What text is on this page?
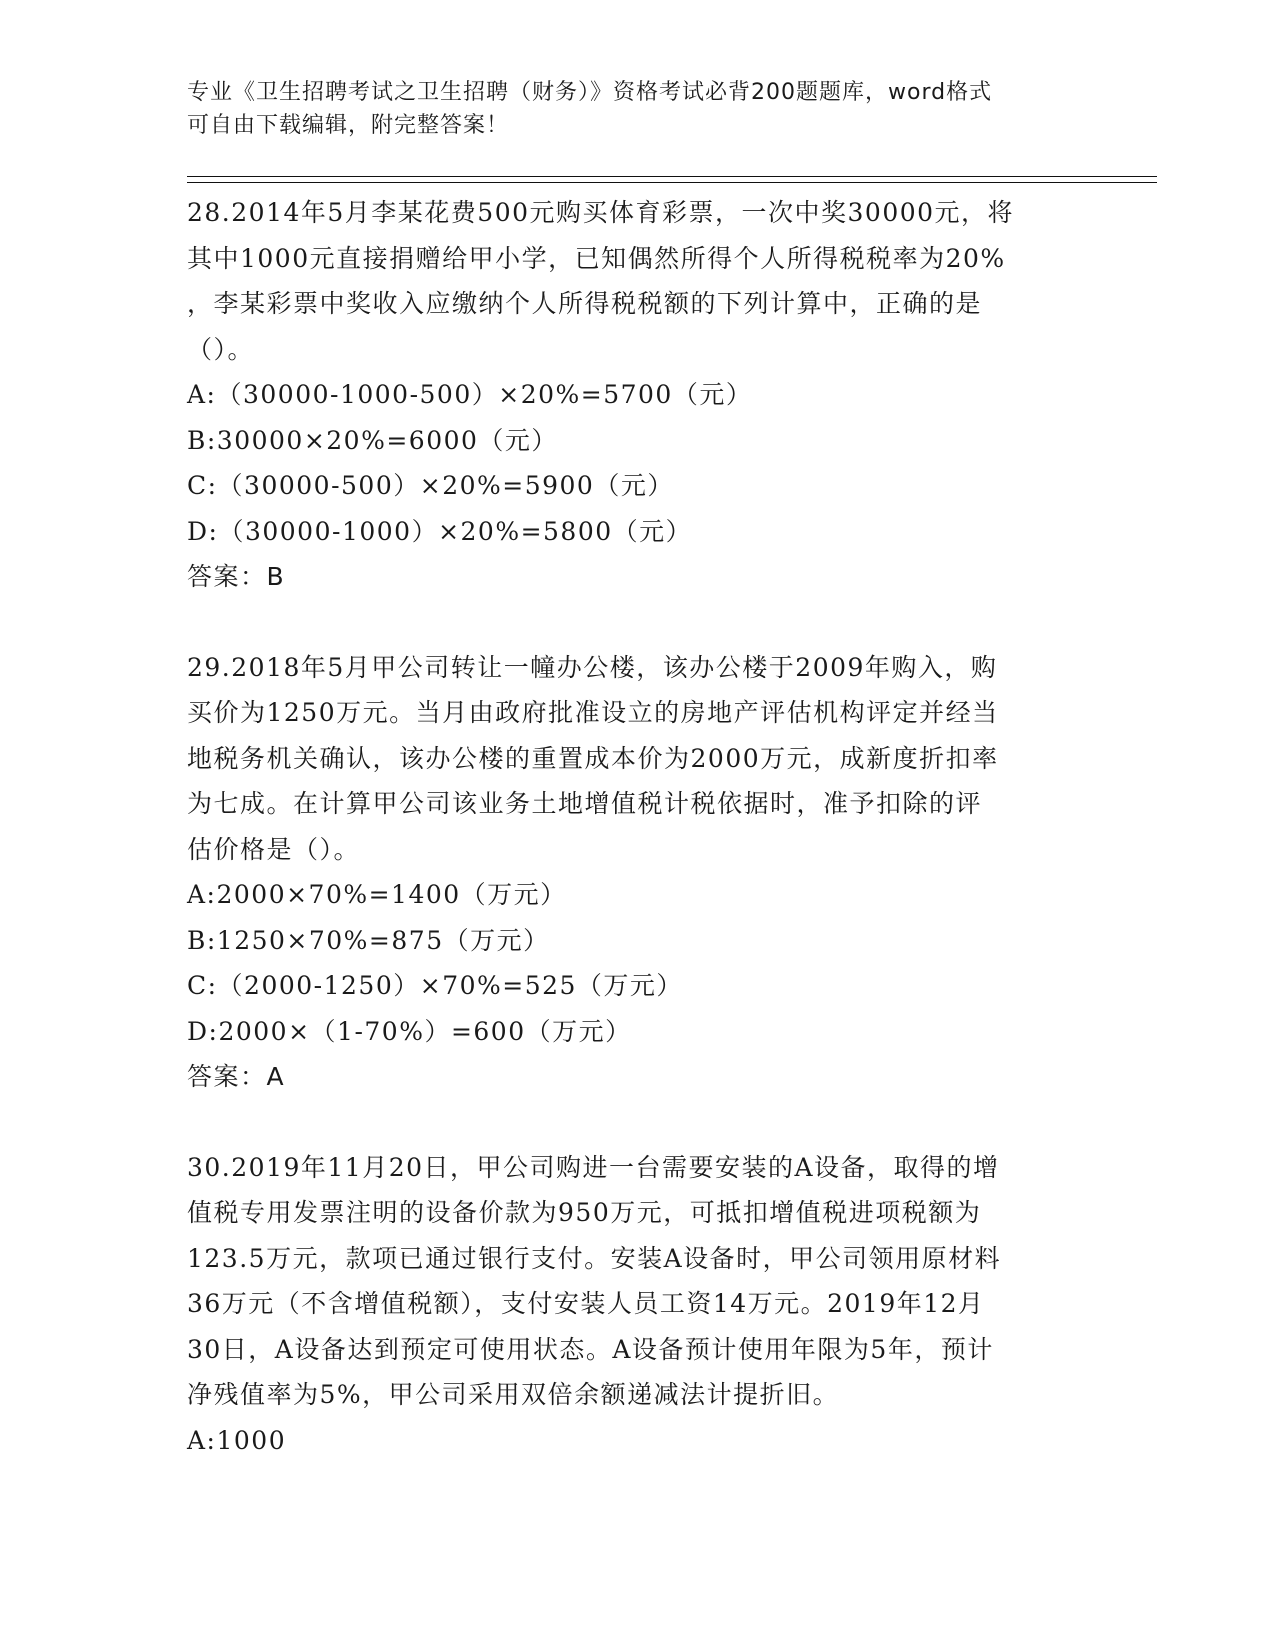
专业《卫生招聘考试之卫生招聘（财务）》资格考试必背200题题库，word格式
可自由下载编辑，附完整答案！
28.2014年5月李某花费500元购买体育彩票，一次中奖30000元，将
其中1000元直接捐赠给甲小学，已知偶然所得个人所得税税率为20%
，李某彩票中奖收入应缴纳个人所得税税额的下列计算中，正确的是
（）。
A:（30000-1000-500）×20%=5700（元）
B:30000×20%=6000（元）
C:（30000-500）×20%=5900（元）
D:（30000-1000）×20%=5800（元）
答案：B
29.2018年5月甲公司转让一幢办公楼，该办公楼于2009年购入，购
买价为1250万元。当月由政府批准设立的房地产评估机构评定并经当
地税务机关确认，该办公楼的重置成本价为2000万元，成新度折扣率
为七成。在计算甲公司该业务土地增值税计税依据时，准予扣除的评
估价格是（）。
A:2000×70%=1400（万元）
B:1250×70%=875（万元）
C:（2000-1250）×70%=525（万元）
D:2000×（1-70%）=600（万元）
答案：A
30.2019年11月20日，甲公司购进一台需要安装的A设备，取得的增
值税专用发票注明的设备价款为950万元，可抵扣增值税进项税额为
123.5万元，款项已通过银行支付。安装A设备时，甲公司领用原材料
36万元（不含增值税额），支付安装人员工资14万元。2019年12月
30日，A设备达到预定可使用状态。A设备预计使用年限为5年，预计
净残值率为5%，甲公司采用双倍余额递减法计提折旧。
A:1000
